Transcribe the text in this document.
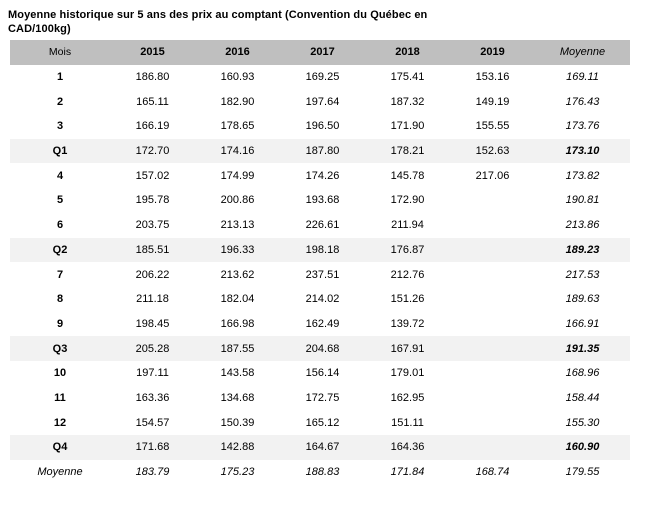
Moyenne historique sur 5 ans des prix au comptant (Convention du Québec en
CAD/100kg)
Mois	2015	2016	2017	2018	2019	Moyenne
1	186.80	160.93	169.25	175.41	153.16	169.11
2	165.11	182.90	197.64	187.32	149.19	176.43
3	166.19	178.65	196.50	171.90	155.55	173.76
Q1	172.70	174.16	187.80	178.21	152.63	173.10
4	157.02	174.99	174.26	145.78	217.06	173.82
5	195.78	200.86	193.68	172.90		190.81
6	203.75	213.13	226.61	211.94		213.86
Q2	185.51	196.33	198.18	176.87		189.23
7	206.22	213.62	237.51	212.76		217.53
8	211.18	182.04	214.02	151.26		189.63
9	198.45	166.98	162.49	139.72		166.91
Q3	205.28	187.55	204.68	167.91		191.35
10	197.11	143.58	156.14	179.01		168.96
11	163.36	134.68	172.75	162.95		158.44
12	154.57	150.39	165.12	151.11		155.30
Q4	171.68	142.88	164.67	164.36		160.90
Moyenne	183.79	175.23	188.83	171.84	168.74	179.55
